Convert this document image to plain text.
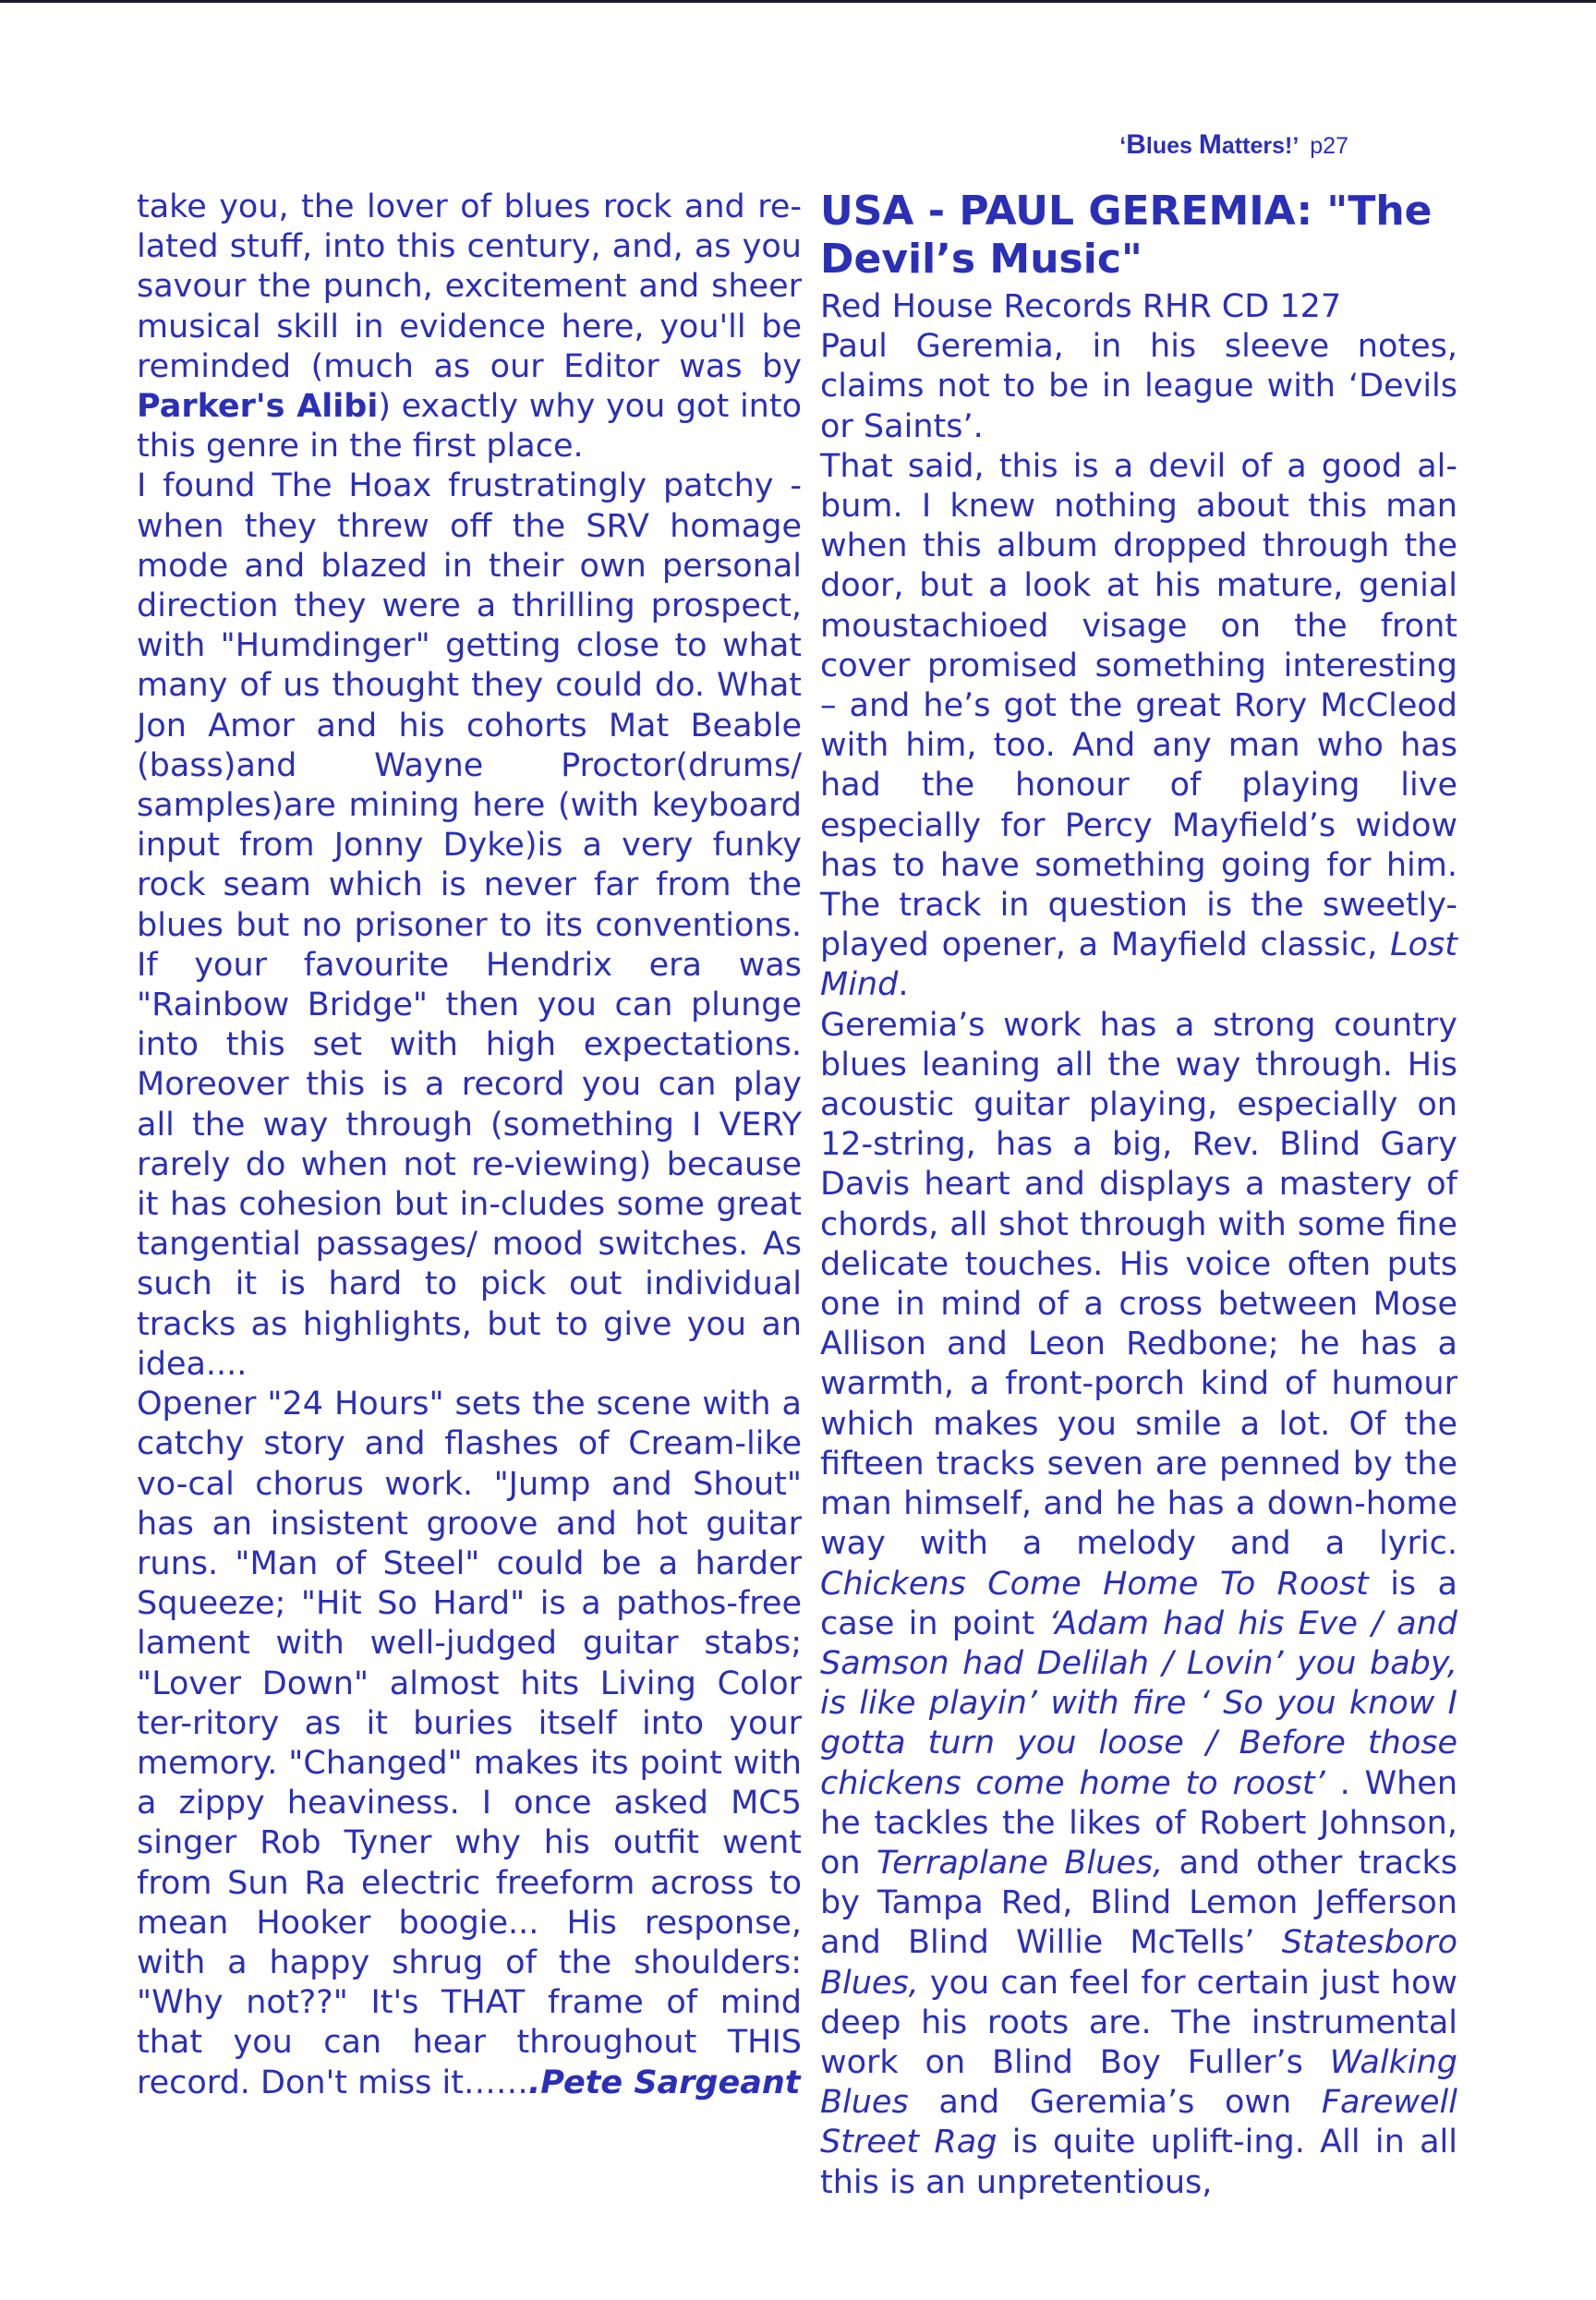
‘Blues Matters!’ p27

take you, the lover of blues rock and re-lated stuff, into this century, and, as you savour the punch, excitement and sheer musical skill in evidence here, you'll be reminded (much as our Editor was by Parker's Alibi) exactly why you got into this genre in the first place.

I found The Hoax frustratingly patchy - when they threw off the SRV homage mode and blazed in their own personal direction they were a thrilling prospect, with "Humdinger" getting close to what many of us thought they could do. What Jon Amor and his cohorts Mat Beable (bass)and Wayne Proctor(drums/ samples)are mining here (with keyboard input from Jonny Dyke)is a very funky rock seam which is never far from the blues but no prisoner to its conventions. If your favourite Hendrix era was "Rainbow Bridge" then you can plunge into this set with high expectations. Moreover this is a record you can play all the way through (something I VERY rarely do when not re-viewing) because it has cohesion but in-cludes some great tangential passages/ mood switches. As such it is hard to pick out individual tracks as highlights, but to give you an idea....

Opener "24 Hours" sets the scene with a catchy story and flashes of Cream-like vo-cal chorus work. "Jump and Shout" has an insistent groove and hot guitar runs. "Man of Steel" could be a harder Squeeze; "Hit So Hard" is a pathos-free lament with well-judged guitar stabs; "Lover Down" almost hits Living Color ter-ritory as it buries itself into your memory. "Changed" makes its point with a zippy heaviness. I once asked MC5 singer Rob Tyner why his outfit went from Sun Ra electric freeform across to mean Hooker boogie... His response, with a happy shrug of the shoulders: "Why not??" It's THAT frame of mind that you can hear throughout THIS record. Don't miss it…….Pete Sargeant

USA - PAUL GEREMIA: "The Devil’s Music"

Red House Records RHR CD 127

Paul Geremia, in his sleeve notes, claims not to be in league with ‘Devils or Saints’.

That said, this is a devil of a good al-bum. I knew nothing about this man when this album dropped through the door, but a look at his mature, genial moustachioed visage on the front cover promised something interesting – and he’s got the great Rory McCleod with him, too. And any man who has had the honour of playing live especially for Percy Mayfield’s widow has to have something going for him. The track in question is the sweetly-played opener, a Mayfield classic, Lost Mind.

Geremia’s work has a strong country blues leaning all the way through. His acoustic guitar playing, especially on 12-string, has a big, Rev. Blind Gary Davis heart and displays a mastery of chords, all shot through with some fine delicate touches. His voice often puts one in mind of a cross between Mose Allison and Leon Redbone; he has a warmth, a front-porch kind of humour which makes you smile a lot. Of the fifteen tracks seven are penned by the man himself, and he has a down-home way with a melody and a lyric. Chickens Come Home To Roost is a case in point ‘Adam had his Eve / and Samson had Delilah / Lovin’ you baby, is like playin’ with fire ‘ So you know I gotta turn you loose / Before those chickens come home to roost’ . When he tackles the likes of Robert Johnson, on Terraplane Blues, and other tracks by Tampa Red, Blind Lemon Jefferson and Blind Willie McTells’ Statesboro Blues, you can feel for certain just how deep his roots are. The instrumental work on Blind Boy Fuller’s Walking Blues and Geremia’s own Farewell Street Rag is quite uplift-ing. All in all this is an unpretentious,
